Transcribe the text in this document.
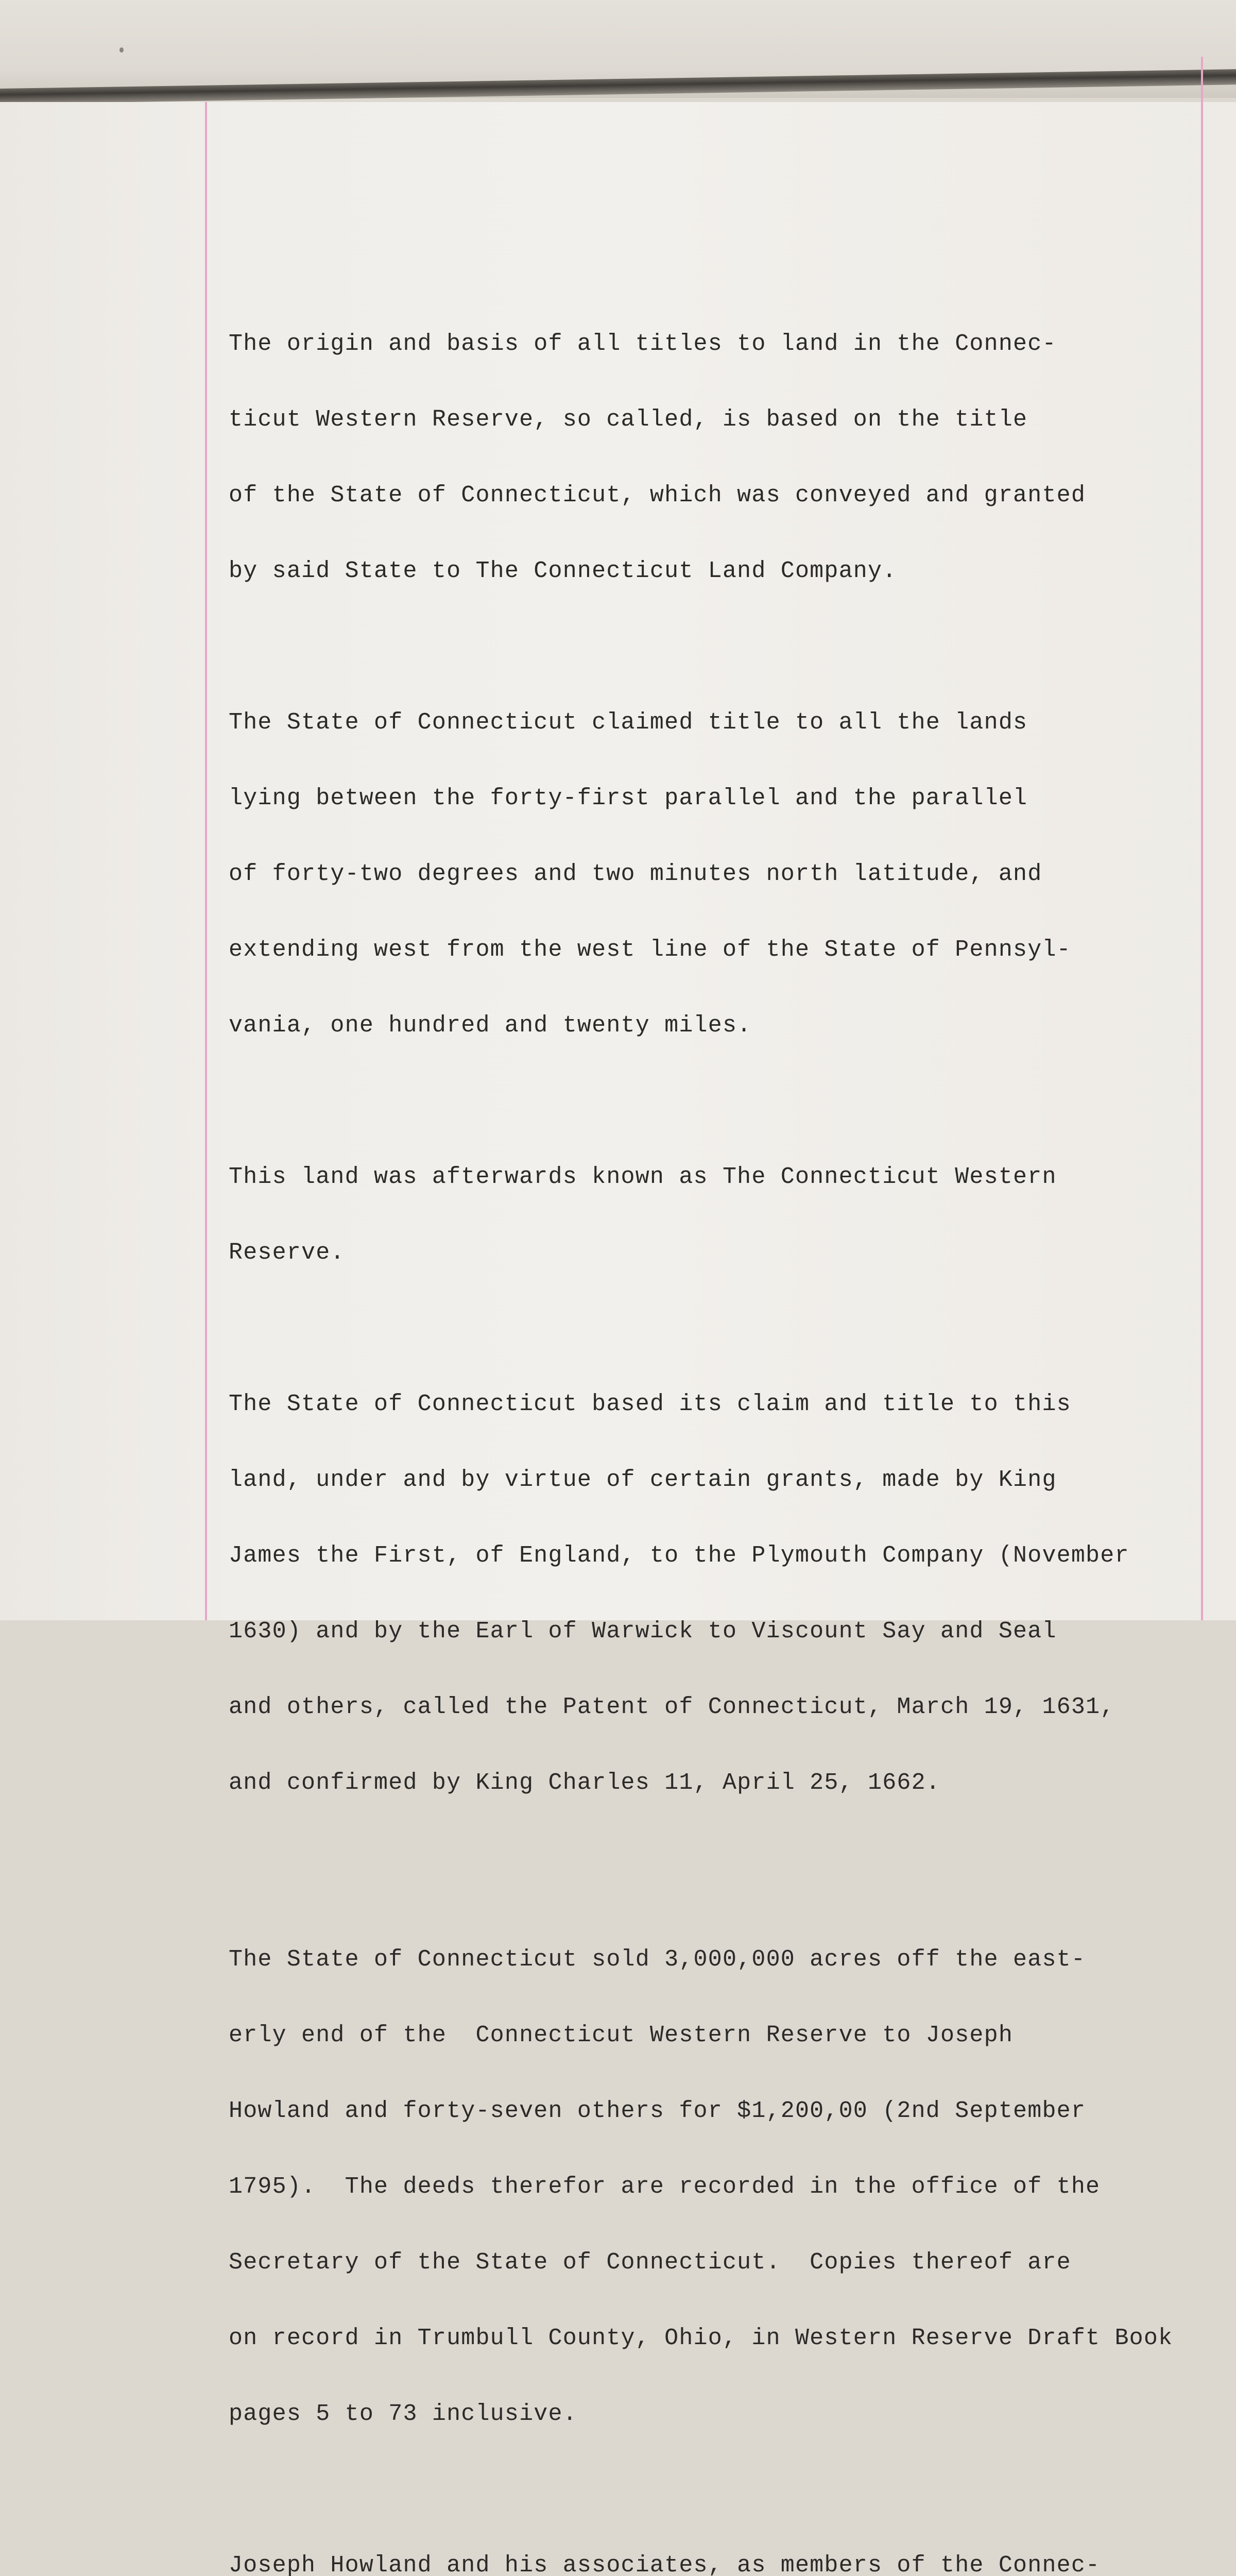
The origin and basis of all titles to land in the Connec-

ticut Western Reserve, so called, is based on the title

of the State of Connecticut, which was conveyed and granted

by said State to The Connecticut Land Company.

The State of Connecticut claimed title to all the lands

lying between the forty-first parallel and the parallel

of forty-two degrees and two minutes north latitude, and

extending west from the west line of the State of Pennsyl-

vania, one hundred and twenty miles.

This land was afterwards known as The Connecticut Western

Reserve.

The State of Connecticut based its claim and title to this

land, under and by virtue of certain grants, made by King

James the First, of England, to the Plymouth Company (November

1630) and by the Earl of Warwick to Viscount Say and Seal

and others, called the Patent of Connecticut, March 19, 1631,

and confirmed by King Charles 11, April 25, 1662.

The State of Connecticut sold 3,000,000 acres off the east-

erly end of the  Connecticut Western Reserve to Joseph

Howland and forty-seven others for $1,200,00 (2nd September

1795).  The deeds therefor are recorded in the office of the

Secretary of the State of Connecticut.  Copies thereof are

on record in Trumbull County, Ohio, in Western Reserve Draft Book

pages 5 to 73 inclusive.

Joseph Howland and his associates, as members of the Connec-
